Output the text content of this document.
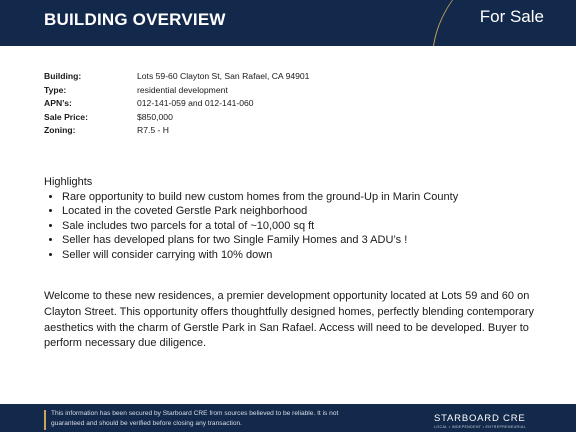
BUILDING OVERVIEW	For Sale
Building:	Lots 59-60 Clayton St, San Rafael, CA 94901
Type:	residential development
APN’s:	012-141-059 and 012-141-060
Sale Price:	$850,000
Zoning:	R7.5 - H
Highlights
• Rare opportunity to build new custom homes from the ground-Up in Marin County
• Located in the coveted Gerstle Park neighborhood
• Sale includes two parcels for a total of ~10,000 sq ft
• Seller has developed plans for two Single Family Homes and 3 ADU’s !
• Seller will consider carrying with 10% down
Welcome to these new residences, a premier development opportunity located at Lots 59 and 60 on Clayton Street. This opportunity offers thoughtfully designed homes, perfectly blending contemporary aesthetics with the charm of Gerstle Park in San Rafael. Access will need to be developed. Buyer to perform necessary due diligence.
This information has been secured by Starboard CRE from sources believed to be reliable. It is not guaranteed and should be verified before closing any transaction.	STARBOARD CRE
LOCAL • INDEPENDENT • ENTREPRENEURIAL
